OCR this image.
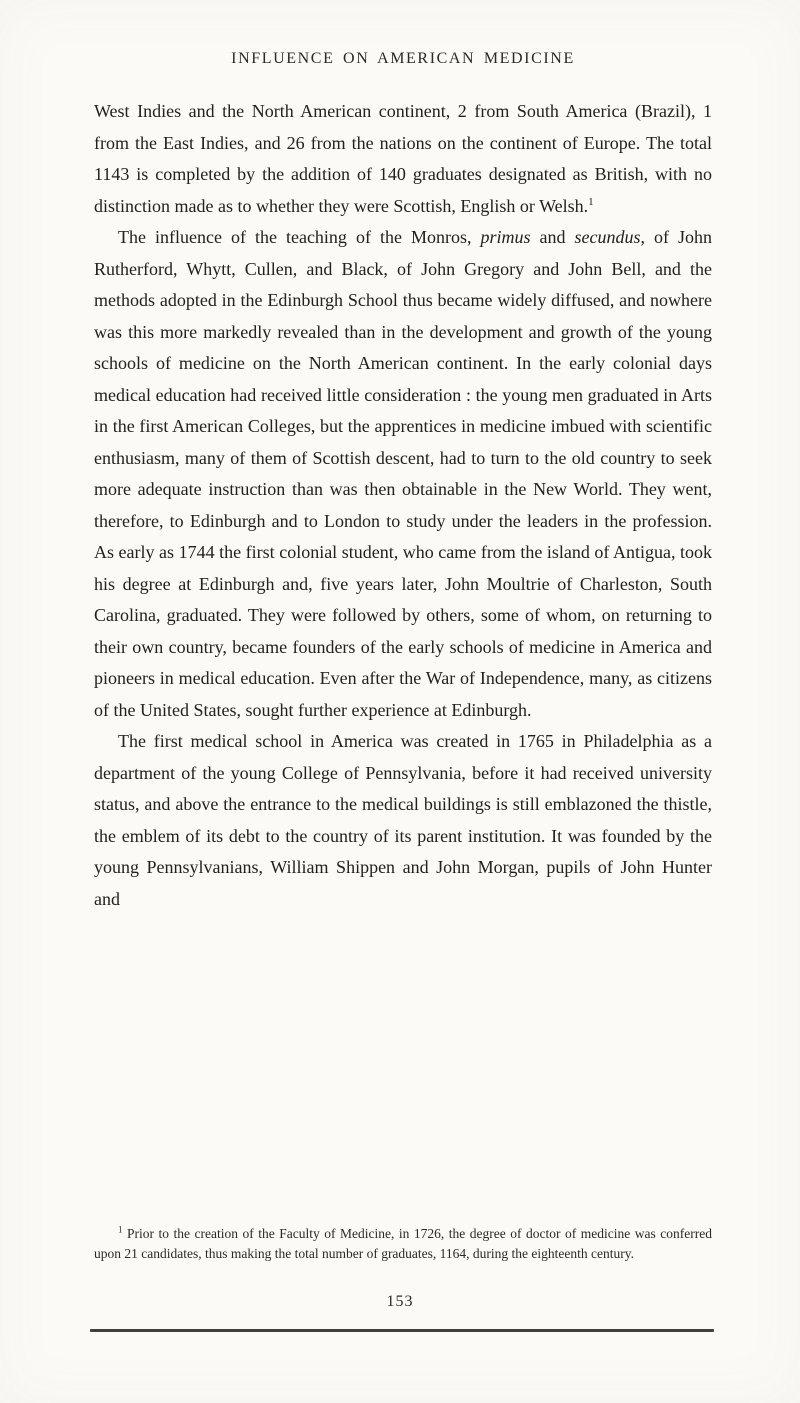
INFLUENCE ON AMERICAN MEDICINE

West Indies and the North American continent, 2 from South America (Brazil), 1 from the East Indies, and 26 from the nations on the continent of Europe. The total 1143 is completed by the addition of 140 graduates designated as British, with no distinction made as to whether they were Scottish, English or Welsh.$^1$

The influence of the teaching of the Monros, primus and secundus, of John Rutherford, Whytt, Cullen, and Black, of John Gregory and John Bell, and the methods adopted in the Edinburgh School thus became widely diffused, and nowhere was this more markedly revealed than in the development and growth of the young schools of medicine on the North American continent. In the early colonial days medical education had received little consideration : the young men graduated in Arts in the first American Colleges, but the apprentices in medicine imbued with scientific enthusiasm, many of them of Scottish descent, had to turn to the old country to seek more adequate instruction than was then obtainable in the New World. They went, therefore, to Edinburgh and to London to study under the leaders in the profession. As early as 1744 the first colonial student, who came from the island of Antigua, took his degree at Edinburgh and, five years later, John Moultrie of Charleston, South Carolina, graduated. They were followed by others, some of whom, on returning to their own country, became founders of the early schools of medicine in America and pioneers in medical education. Even after the War of Independence, many, as citizens of the United States, sought further experience at Edinburgh.

The first medical school in America was created in 1765 in Philadelphia as a department of the young College of Pennsylvania, before it had received university status, and above the entrance to the medical buildings is still emblazoned the thistle, the emblem of its debt to the country of its parent institution. It was founded by the young Pennsylvanians, William Shippen and John Morgan, pupils of John Hunter and

$^1$ Prior to the creation of the Faculty of Medicine, in 1726, the degree of doctor of medicine was conferred upon 21 candidates, thus making the total number of graduates, 1164, during the eighteenth century.

153
